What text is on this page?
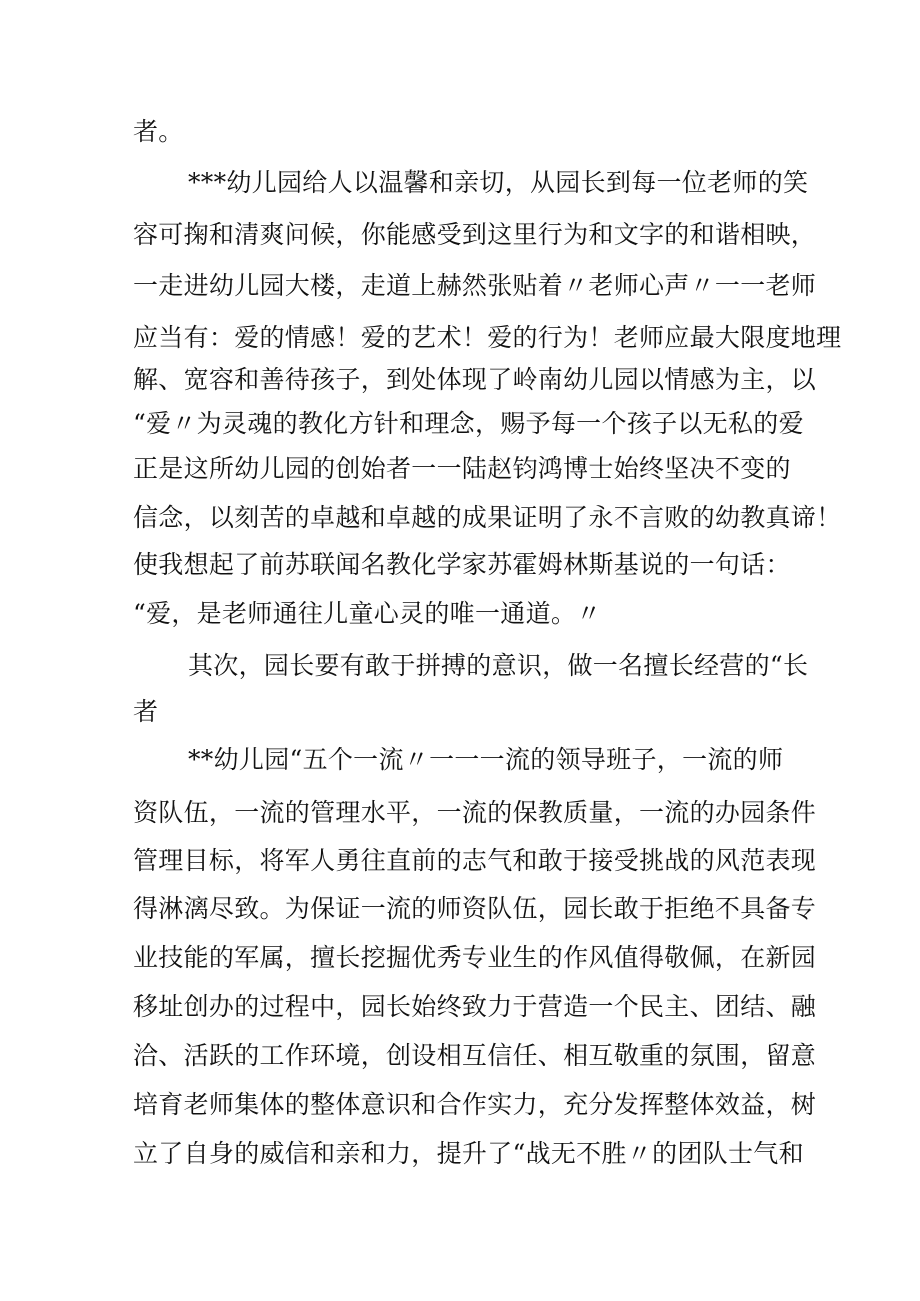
者。
***幼儿园给人以温馨和亲切，从园长到每一位老师的笑
容可掬和清爽问候，你能感受到这里行为和文字的和谐相映，
一走进幼儿园大楼，走道上赫然张贴着〃老师心声〃一一老师
应当有：爱的情感！爱的艺术！爱的行为！老师应最大限度地理
解、宽容和善待孩子，到处体现了岭南幼儿园以情感为主，以
“爱〃为灵魂的教化方针和理念，赐予每一个孩子以无私的爱
正是这所幼儿园的创始者一一陆赵钧鸿博士始终坚决不变的
信念，以刻苦的卓越和卓越的成果证明了永不言败的幼教真谛！
使我想起了前苏联闻名教化学家苏霍姆林斯基说的一句话：
“爱，是老师通往儿童心灵的唯一通道。〃
其次，园长要有敢于拼搏的意识，做一名擅长经营的“长
者
**幼儿园“五个一流〃一一一流的领导班子，一流的师
资队伍，一流的管理水平，一流的保教质量，一流的办园条件
管理目标，将军人勇往直前的志气和敢于接受挑战的风范表现
得淋漓尽致。为保证一流的师资队伍，园长敢于拒绝不具备专
业技能的军属，擅长挖掘优秀专业生的作风值得敬佩，在新园
移址创办的过程中，园长始终致力于营造一个民主、团结、融
洽、活跃的工作环境，创设相互信任、相互敬重的氛围，留意
培育老师集体的整体意识和合作实力，充分发挥整体效益，树
立了自身的威信和亲和力，提升了“战无不胜〃的团队士气和
